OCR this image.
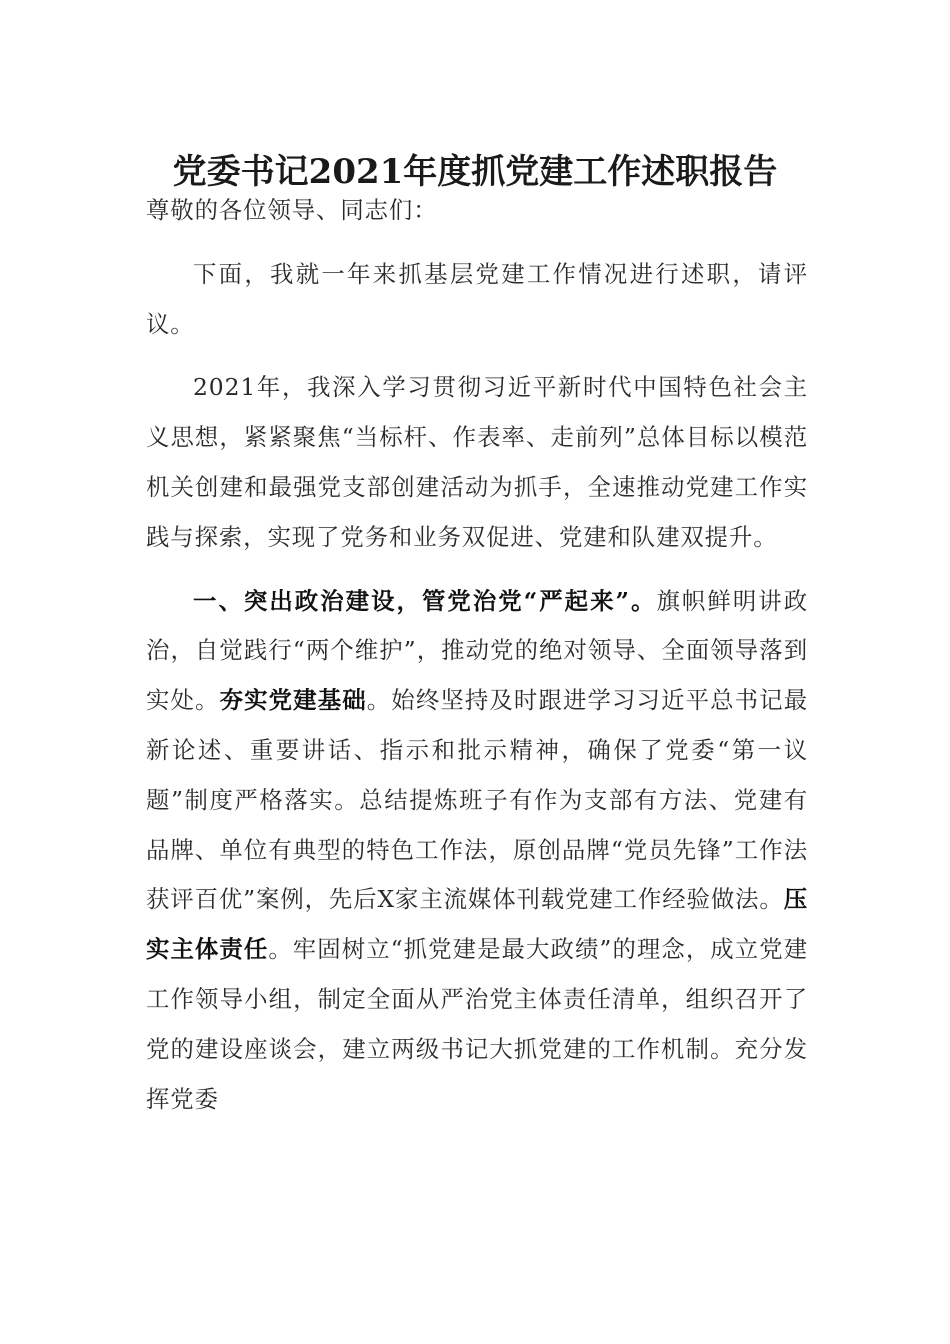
党委书记2021年度抓党建工作述职报告

尊敬的各位领导、同志们：

下面，我就一年来抓基层党建工作情况进行述职，请评议。

2021年，我深入学习贯彻习近平新时代中国特色社会主义思想，紧紧聚焦“当标杆、作表率、走前列”总体目标以模范机关创建和最强党支部创建活动为抓手，全速推动党建工作实践与探索，实现了党务和业务双促进、党建和队建双提升。

一、突出政治建设，管党治党“严起来”。旗帜鲜明讲政治，自觉践行“两个维护”，推动党的绝对领导、全面领导落到实处。夯实党建基础。始终坚持及时跟进学习习近平总书记最新论述、重要讲话、指示和批示精神，确保了党委“第一议题”制度严格落实。总结提炼班子有作为支部有方法、党建有品牌、单位有典型的特色工作法，原创品牌“党员先锋”工作法获评百优”案例，先后X家主流媒体刊载党建工作经验做法。压实主体责任。牢固树立“抓党建是最大政绩”的理念，成立党建工作领导小组，制定全面从严治党主体责任清单，组织召开了党的建设座谈会，建立两级书记大抓党建的工作机制。充分发挥党委
